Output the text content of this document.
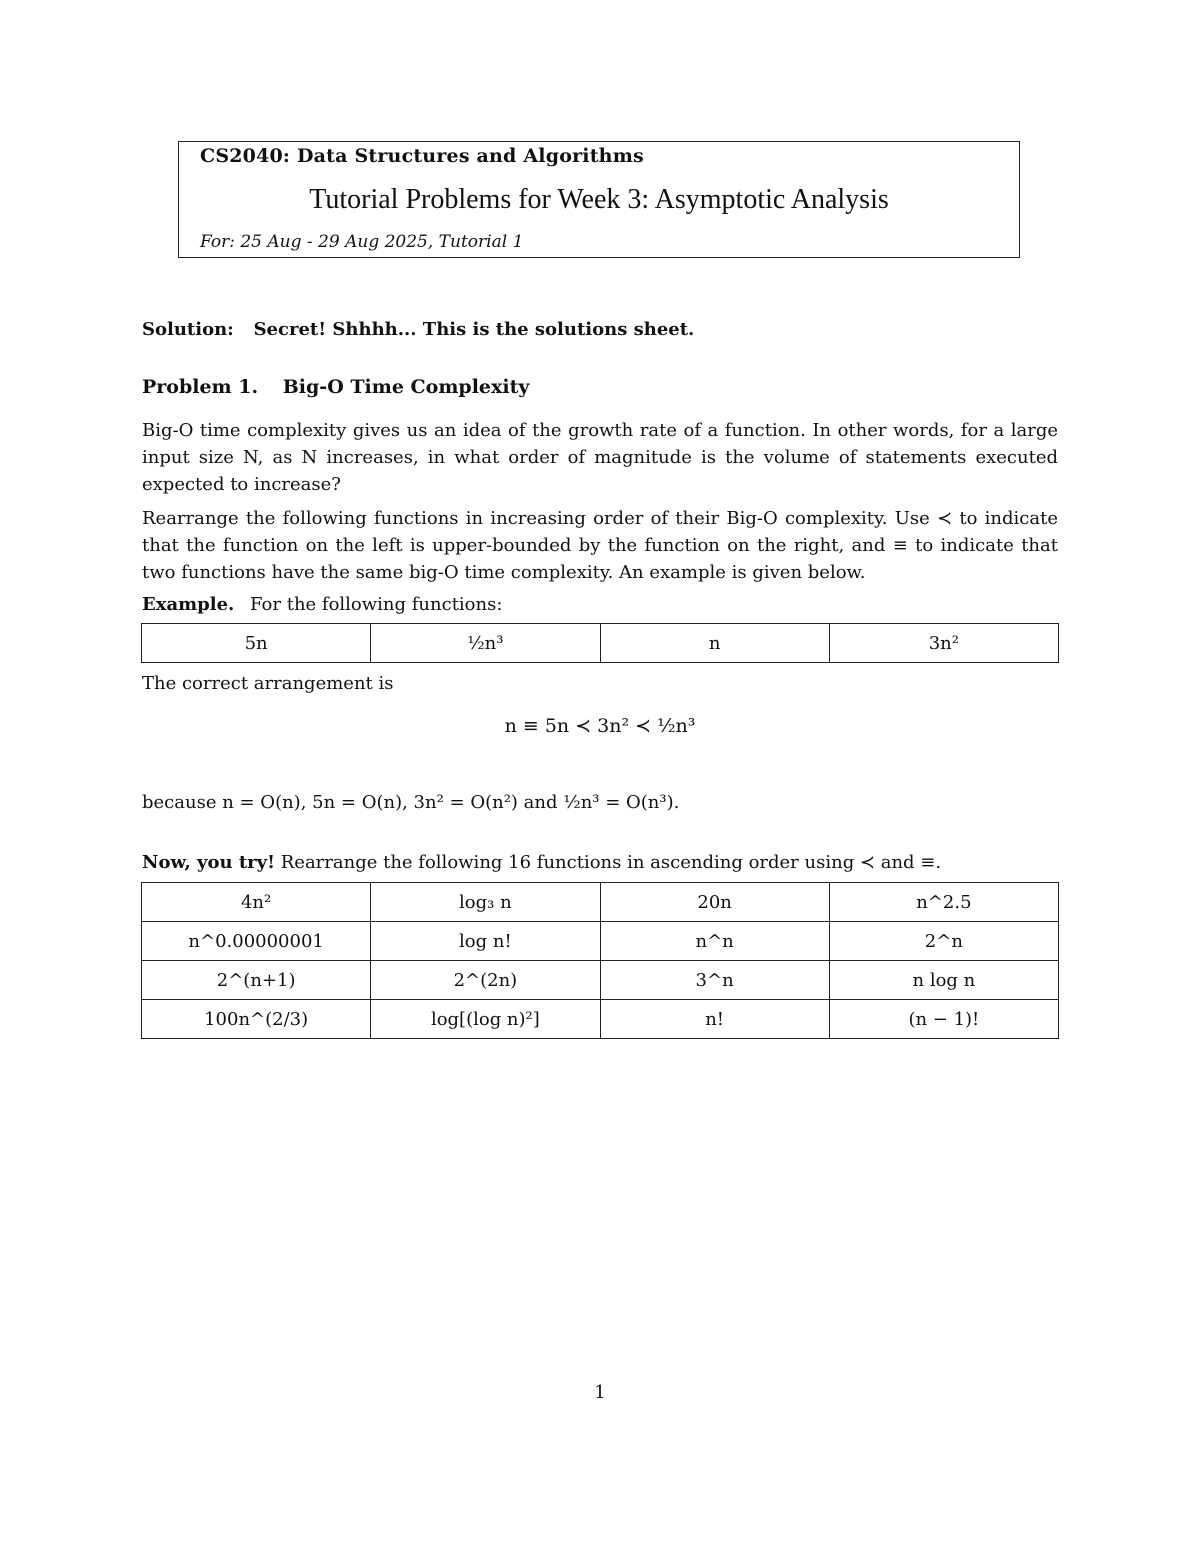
CS2040: Data Structures and Algorithms
Tutorial Problems for Week 3: Asymptotic Analysis
For: 25 Aug - 29 Aug 2025, Tutorial 1
Solution: Secret! Shhhh... This is the solutions sheet.
Problem 1. Big-O Time Complexity
Big-O time complexity gives us an idea of the growth rate of a function. In other words, for a large input size N, as N increases, in what order of magnitude is the volume of statements executed expected to increase?
Rearrange the following functions in increasing order of their Big-O complexity. Use ≺ to indicate that the function on the left is upper-bounded by the function on the right, and ≡ to indicate that two functions have the same big-O time complexity. An example is given below.
Example. For the following functions:
5n	½n³	n	3n²
The correct arrangement is
n ≡ 5n ≺ 3n² ≺ ½n³
because n = O(n), 5n = O(n), 3n² = O(n²) and ½n³ = O(n³).
Now, you try! Rearrange the following 16 functions in ascending order using ≺ and ≡.
4n²	log₃ n	20n	n^2.5
n^0.00000001	log n!	n^n	2^n
2^(n+1)	2^(2n)	3^n	n log n
100n^(2/3)	log[(log n)²]	n!	(n − 1)!
1
